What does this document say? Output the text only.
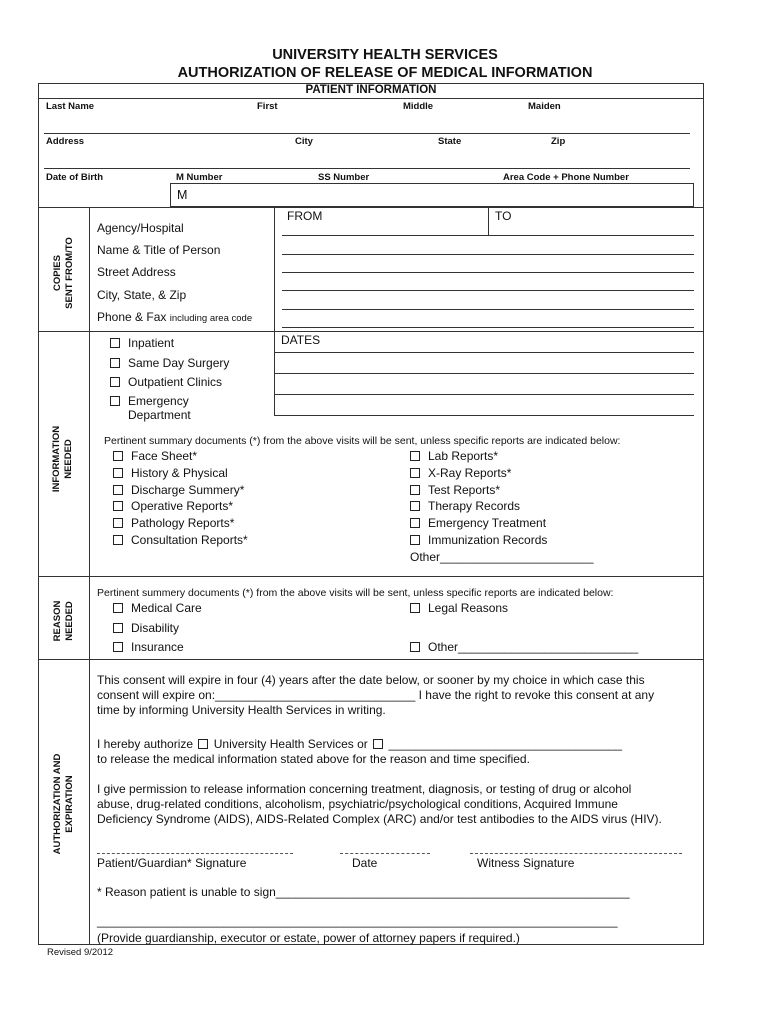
UNIVERSITY HEALTH SERVICES
AUTHORIZATION OF RELEASE OF MEDICAL INFORMATION
PATIENT INFORMATION
Last Name	First	Middle	Maiden
Address	City	State	Zip
Date of Birth	M Number	SS Number	Area Code + Phone Number
M
COPIES
SENT FROM/TO
Agency/Hospital
Name & Title of Person
Street Address
City, State, & Zip
Phone & Fax including area code
FROM	TO
INFORMATION
NEEDED
DATES
Inpatient
Same Day Surgery
Outpatient Clinics
Emergency
Department
Pertinent summary documents (*) from the above visits will be sent, unless specific reports are indicated below:
Face Sheet*
History & Physical
Discharge Summery*
Operative Reports*
Pathology Reports*
Consultation Reports*
Lab Reports*
X-Ray Reports*
Test Reports*
Therapy Records
Emergency Treatment
Immunization Records
Other_______________________
REASON
NEEDED
Pertinent summery documents (*) from the above visits will be sent, unless specific reports are indicated below:
Medical Care	Legal Reasons
Disability
Insurance	Other___________________________
AUTHORIZATION AND
EXPIRATION
This consent will expire in four (4) years after the date below, or sooner by my choice in which case this
consent will expire on:______________________________ I have the right to revoke this consent at any
time by informing University Health Services in writing.
I hereby authorize University Health Services or ___________________________________
to release the medical information stated above for the reason and time specified.
I give permission to release information concerning treatment, diagnosis, or testing of drug or alcohol
abuse, drug-related conditions, alcoholism, psychiatric/psychological conditions, Acquired Immune
Deficiency Syndrome (AIDS), AIDS-Related Complex (ARC) and/or test antibodies to the AIDS virus (HIV).
Patient/Guardian* Signature	Date	Witness Signature
* Reason patient is unable to sign_____________________________________________________
______________________________________________________________________________
(Provide guardianship, executor or estate, power of attorney papers if required.)
Revised 9/2012
